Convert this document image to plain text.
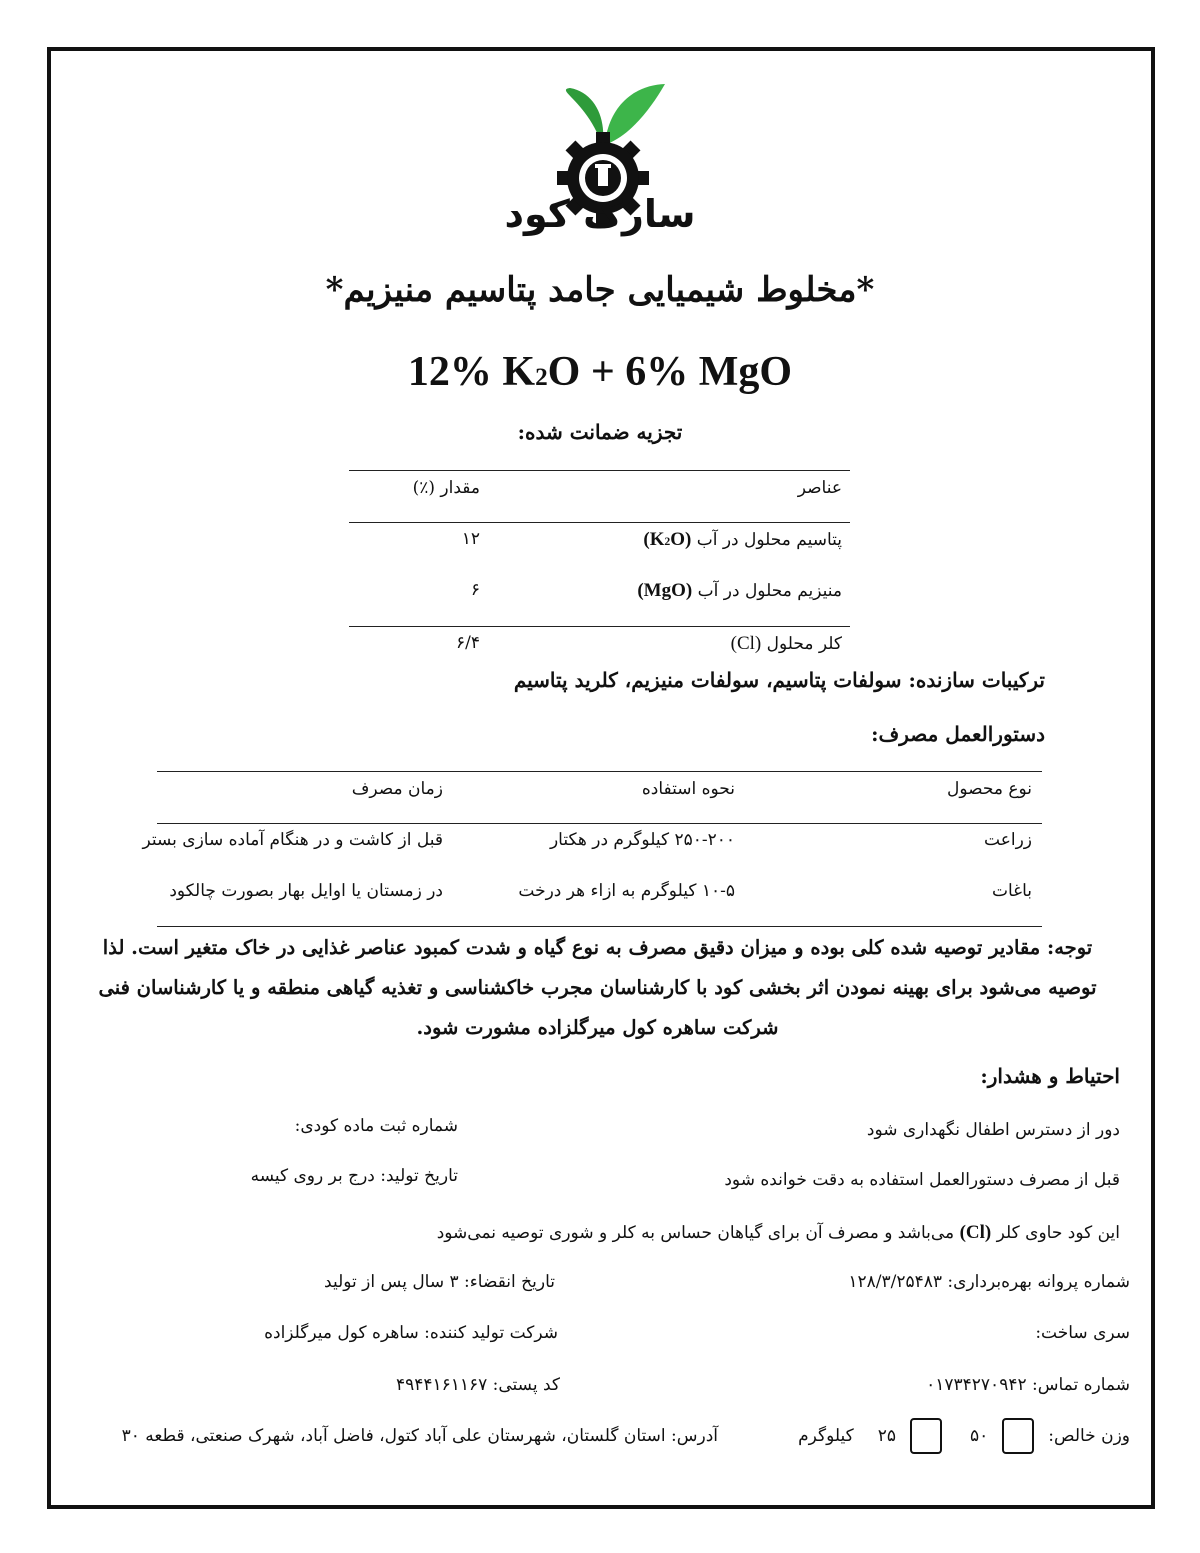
سارک کود
*مخلوط شیمیایی جامد پتاسیم منیزیم*
12% K2O + 6% MgO
تجزیه ضمانت شده:
عناصر
مقدار (٪)
پتاسیم محلول در آب (K2O)
۱۲
منیزیم محلول در آب (MgO)
۶
کلر محلول (Cl)
۶/۴
ترکیبات سازنده: سولفات پتاسیم، سولفات منیزیم، کلرید پتاسیم
دستورالعمل مصرف:
نوع محصول
نحوه استفاده
زمان مصرف
زراعت
۲۵۰-۲۰۰ کیلوگرم در هکتار
قبل از کاشت و در هنگام آماده سازی بستر
باغات
۱۰-۵ کیلوگرم به ازاء هر درخت
در زمستان یا اوایل بهار بصورت چالکود
توجه: مقادیر توصیه شده کلی بوده و میزان دقیق مصرف به نوع گیاه و شدت کمبود عناصر غذایی در خاک متغیر است. لذا توصیه می‌شود برای بهینه نمودن اثر بخشی کود با کارشناسان مجرب خاکشناسی و تغذیه گیاهی منطقه و یا کارشناسان فنی شرکت ساهره کول میرگلزاده مشورت شود.
احتیاط و هشدار:
دور از دسترس اطفال نگهداری شود
شماره ثبت ماده کودی:
قبل از مصرف دستورالعمل استفاده به دقت خوانده شود
تاریخ تولید: درج بر روی کیسه
این کود حاوی کلر (Cl) می‌باشد و مصرف آن برای گیاهان حساس به کلر و شوری توصیه نمی‌شود
شماره پروانه بهره‌برداری: ۱۲۸/۳/۲۵۴۸۳
تاریخ انقضاء: ۳ سال پس از تولید
سری ساخت:
شرکت تولید کننده: ساهره کول میرگلزاده
شماره تماس: ۰۱۷۳۴۲۷۰۹۴۲
کد پستی: ۴۹۴۴۱۶۱۱۶۷
وزن خالص:
۵۰
۲۵
کیلوگرم
آدرس: استان گلستان، شهرستان علی آباد کتول، فاضل آباد، شهرک صنعتی، قطعه ۳۰
